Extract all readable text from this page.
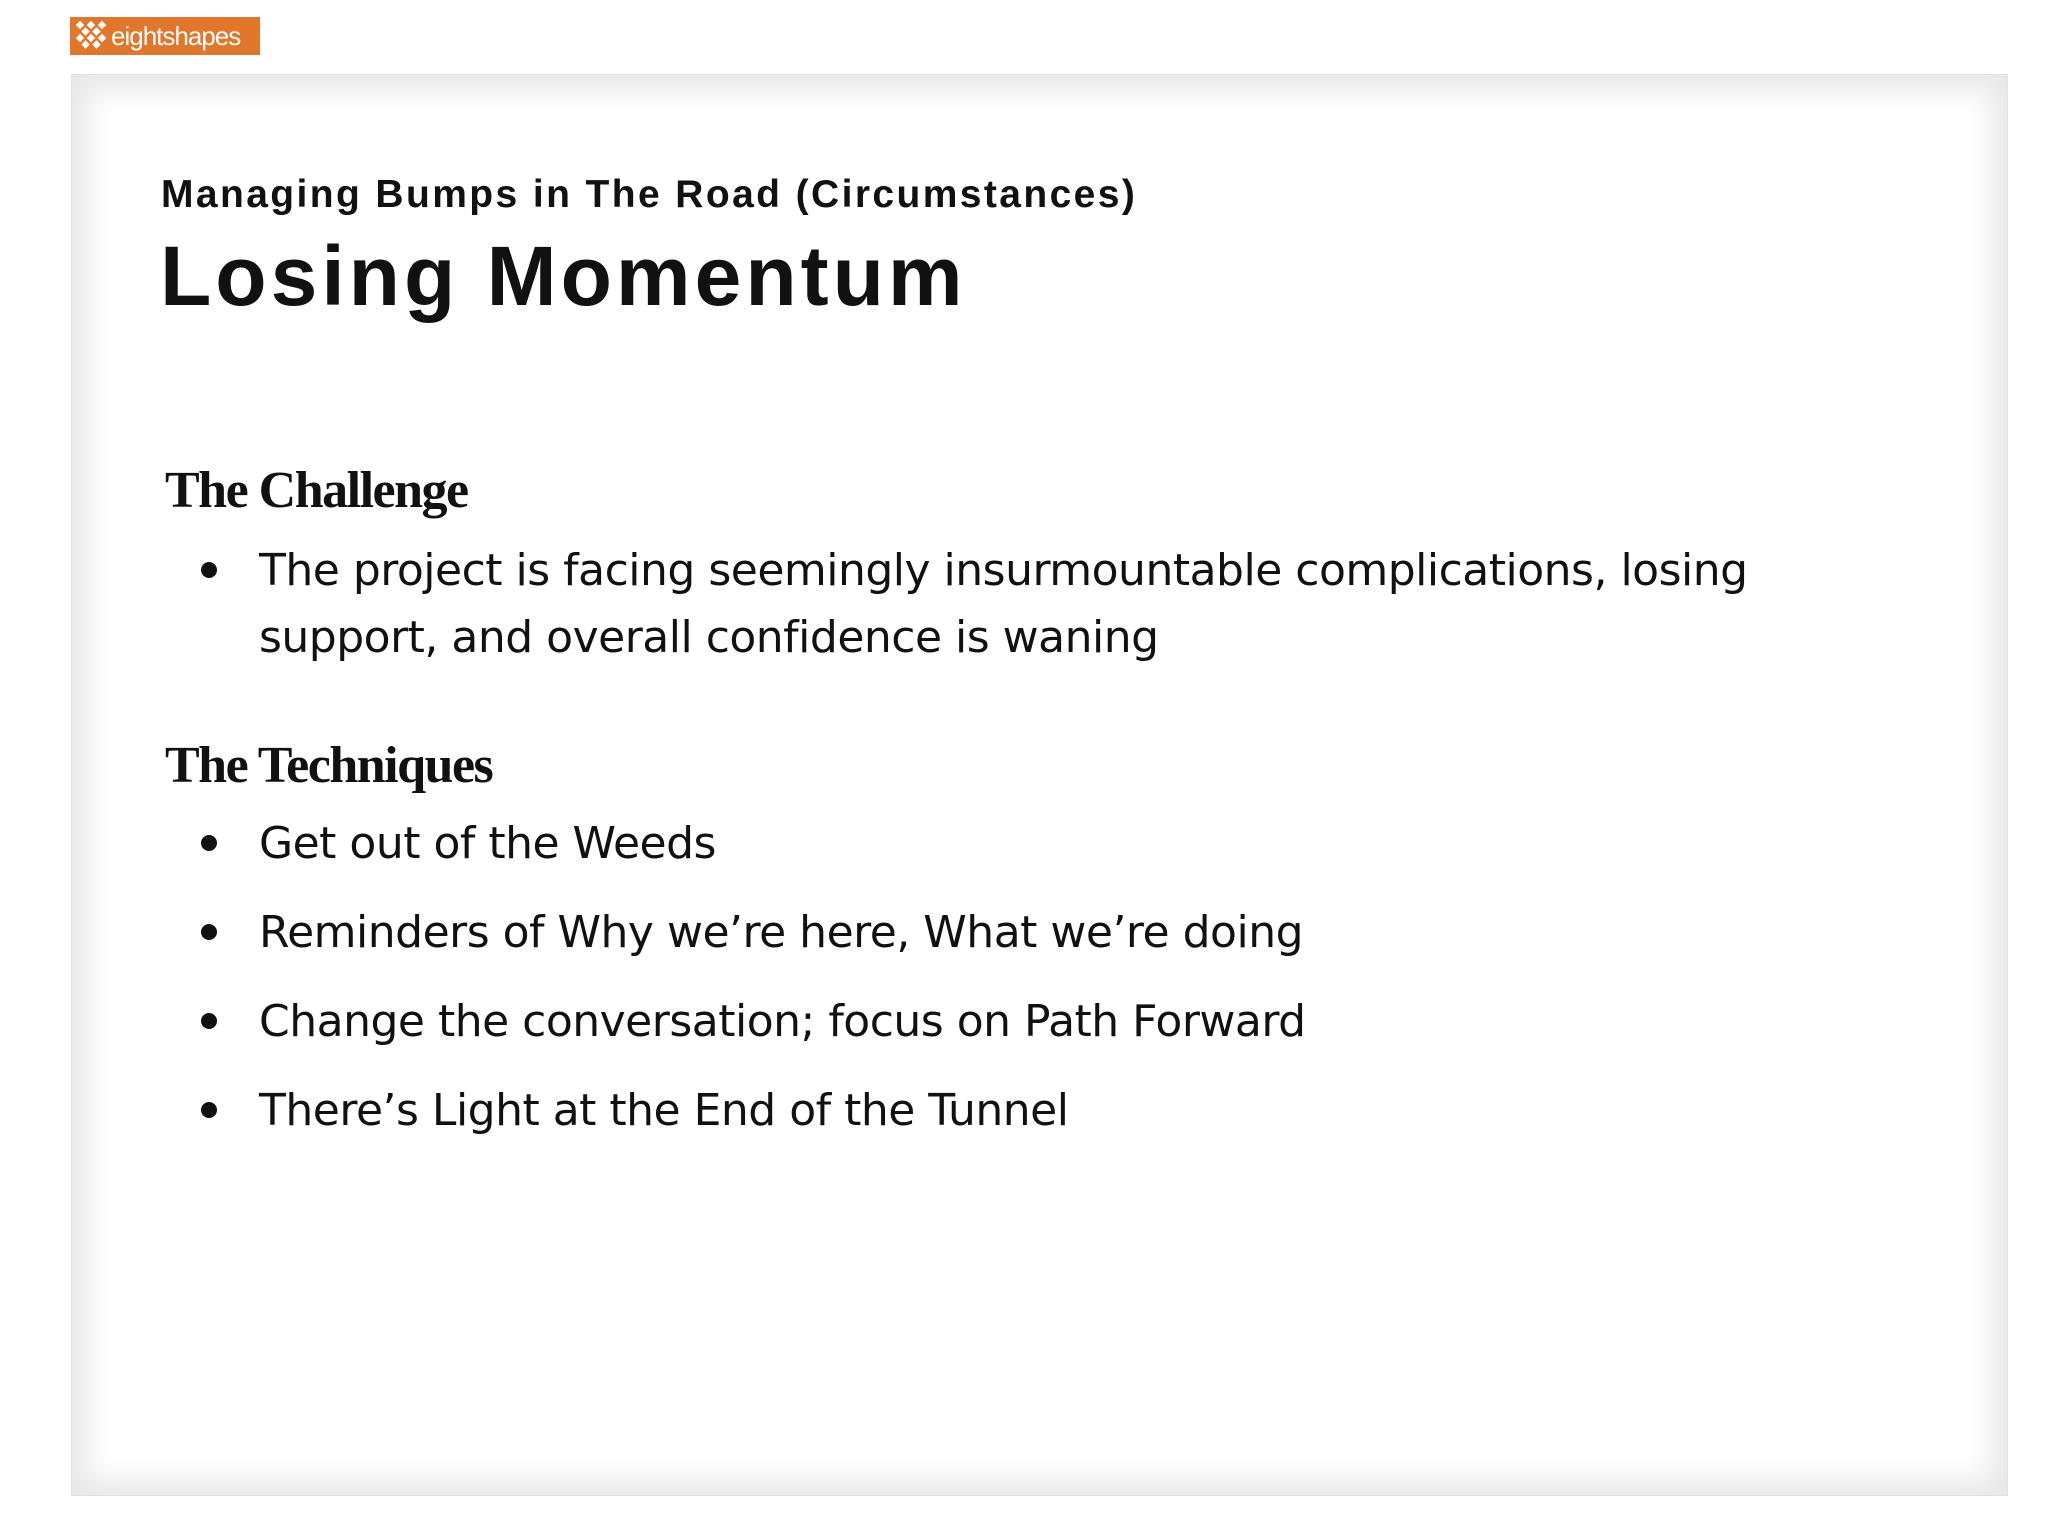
eightshapes
Managing Bumps in The Road (Circumstances)
Losing Momentum
The Challenge
The project is facing seemingly insurmountable complications, losing support, and overall confidence is waning
The Techniques
Get out of the Weeds
Reminders of Why we’re here, What we’re doing
Change the conversation; focus on Path Forward
There’s Light at the End of the Tunnel
